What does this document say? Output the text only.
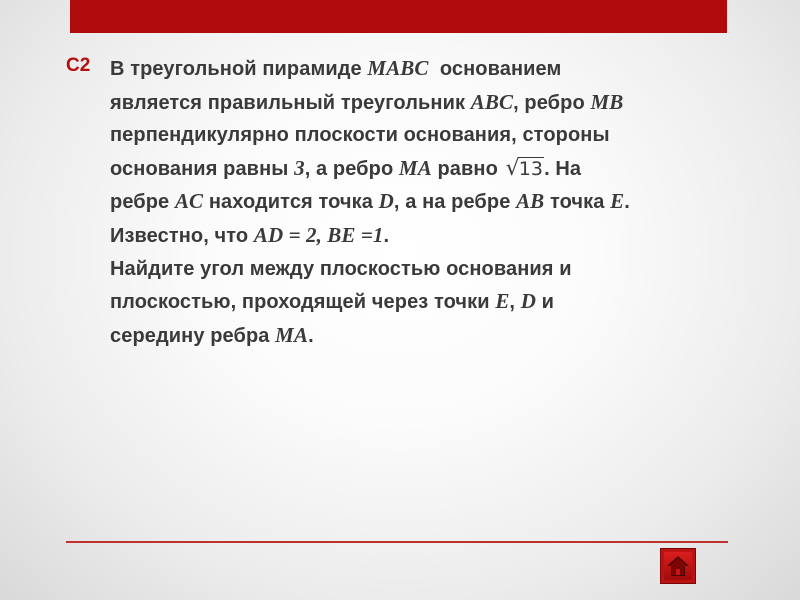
С2 В треугольной пирамиде MABC  основанием
является правильный треугольник ABC, ребро MB
перпендикулярно плоскости основания, стороны
основания равны 3, а ребро MA равно √13. На
ребре AC находится точка D, а на ребре AB точка E.
Известно, что AD = 2, BE =1.
Найдите угол между плоскостью основания и
плоскостью, проходящей через точки E, D и
середину ребра MA.
